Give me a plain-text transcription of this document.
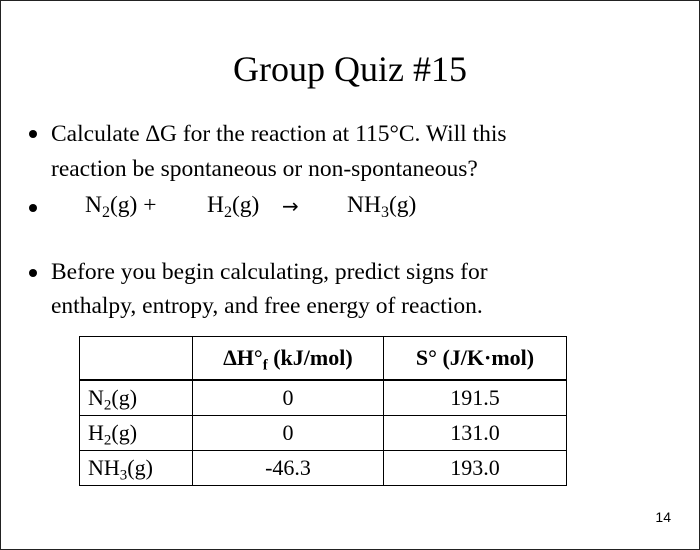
Group Quiz #15
Calculate ∆G for the reaction at 115°C. Will this
reaction be spontaneous or non-spontaneous?
$N_2(g) + H_2(g) \to NH_3(g)$
Before you begin calculating, predict signs for
enthalpy, entropy, and free energy of reaction.
	$\Delta H^\circ_f$ (kJ/mol)	S° (J/K·mol)
$N_2(g)$	0	191.5
$H_2(g)$	0	131.0
$NH_3(g)$	-46.3	193.0
14
